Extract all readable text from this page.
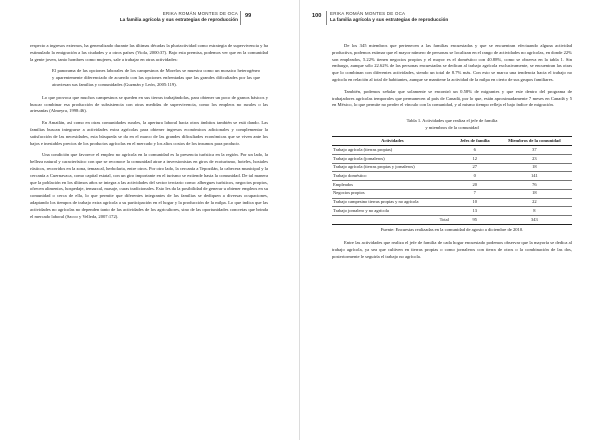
ERIKA ROMÁN MONTES DE OCA
La familia agrícola y sus estrategias de reproducción
99

respecto a ingresos externos, ha generalizado durante las últimas décadas la pluriactividad como estrategia de supervivencia y ha estimulado la emigración a las ciudades y a otros países (Viola, 2000:37). Bajo esta premisa, podemos ver que en la comunidad la gente joven, tanto hombres como mujeres, sale a trabajar en otras actividades:

El panorama de las opciones laborales de los campesinos de Morelos se muestra como un mosaico heterogéneo y aparentemente diferenciado de acuerdo con las opciones enfrentadas que las grandes dificultades por las que atraviesan sus familias y comunidades (Guzmán y León, 2005:119).

Lo que provoca que muchos campesinos se queden en sus tierras trabajándolas, para obtener un poco de granos básicos y buscar combinar esa producción de subsistencia con otras medidas de supervivencia, como los empleos no rurales o las artesanías (Almeyra, 1998:46).

En Amatlán, así como en otras comunidades rurales, la apertura laboral hacia otros ámbitos también se está dando. Las familias buscan integrarse a actividades extra agrícolas para obtener ingresos económicos adicionales y complementar la satisfacción de las necesidades, esta búsqueda se da en el marco de las grandes dificultades económicas que se viven ante los bajos e inestables precios de los productos agrícolas en el mercado y los altos costos de los insumos para producir.

Una condición que favorece el empleo no agrícola en la comunidad es la presencia turística en la región. Por un lado, la belleza natural y característico con que se reconoce la comunidad atrae a inversionistas en giros de ecoturismo, hoteles, hostales rústicos, recorridos en la zona, temazcal, herbolaria, entre otros. Por otro lado, la cercanía a Tepoztlán, la cabecera municipal y la cercanía a Cuernavaca, como capital estatal, con un giro importante en el turismo se extiende hasta la comunidad. De tal manera que la población en los últimos años se integra a las actividades del sector terciario como: albergues turísticos, negocios propios, ofrecen alimentos, hospedaje, temazcal, masaje, curas tradicionales. Esto les da la posibilidad de generar u obtener empleos en su comunidad o cerca de ella, lo que permite que diferentes integrantes de las familias se dediquen a diversas ocupaciones, adaptando los tiempos de trabajo extra agrícola a su participación en el hogar y la producción de la milpa. Lo que indica que las actividades no agrícolas no dependen tanto de las actividades de los agricultores, sino de las oportunidades concretas que brinda el mercado laboral (Sacco y Velleda, 2007:172).

100 ERIKA ROMÁN MONTES DE OCA
La familia agrícola y sus estrategias de reproducción

De los 345 miembros que pertenecen a las familias encuestadas y que se encuentran efectuando alguna actividad productiva, podemos estimar que el mayor número de personas se localizan en el rango de actividades no agrícolas, en donde 22% son empleados, 5.22% tienen negocios propios y el mayor es el doméstico con 40.88%, como se observa en la tabla 1. Sin embargo, aunque sólo 22.62% de las personas encuestadas se dedican al trabajo agrícola exclusivamente, se encuentran las otras que lo combinan con diferentes actividades, siendo un total de 8.7% más. Con esto se marca una tendencia hacia el trabajo no agrícola en relación al total de habitantes, aunque se mantiene la actividad de la milpa en cierto de sus grupos familiares.

También, podemos señalar que solamente se encontró un 0.58% de migrantes y que este dentro del programa de trabajadores agrícolas temporales que permanecen al país de Canadá, por lo que, están aproximadamente 7 meses en Canadá y 5 en México, lo que permite no perder el vínculo con la comunidad, y al mismo tiempo refleja el bajo índice de migración.

Tabla 1. Actividades que realiza el jefe de familia
y miembros de la comunidad
Actividades	Jefes de familia	Miembros de la comunidad
Trabajo agrícola (tierras propias)	6	37
Trabajo agrícola (jornaleros)	12	23
Trabajo agrícola (tierras propias y jornaleros)	27	18
Trabajo doméstico	0	141
Empleados	20	76
Negocios propios	7	18
Trabajo campesino tierras propias y no agrícola	10	22
Trabajo jornalero y no agrícola	13	8
Total	95	343
Fuente: Encuestas realizadas en la comunidad de agosto a diciembre de 2010.

Entre las actividades que realiza el jefe de familia de cada hogar encuestado podemos observar que la mayoría se dedica al trabajo agrícola, ya sea que cultiven en tierras propias o como jornaleros con tierra de otros o la combinación de las dos, posteriormente le seguiría el trabajo no agrícola.
